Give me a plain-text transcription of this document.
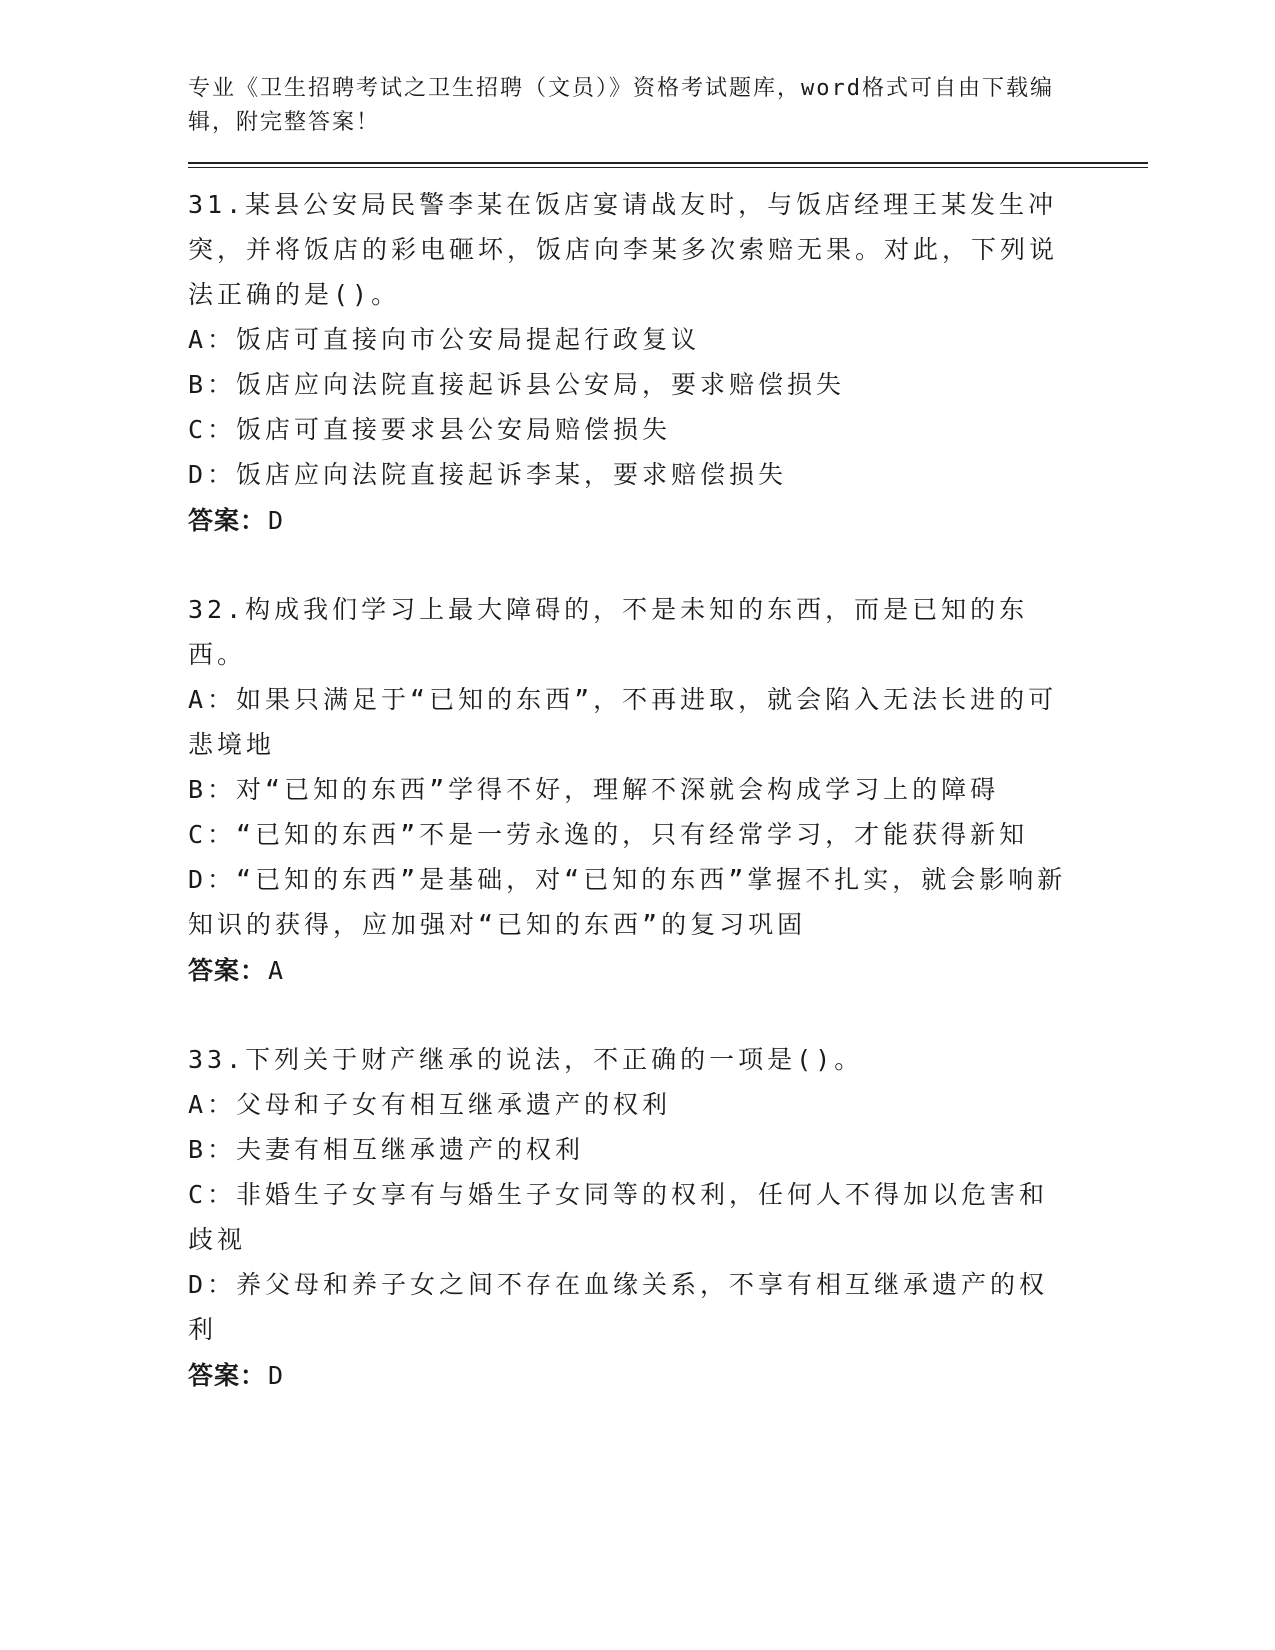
专业《卫生招聘考试之卫生招聘（文员）》资格考试题库，word格式可自由下载编辑，附完整答案！

31.某县公安局民警李某在饭店宴请战友时，与饭店经理王某发生冲突，并将饭店的彩电砸坏，饭店向李某多次索赔无果。对此，下列说法正确的是()。

A：饭店可直接向市公安局提起行政复议

B：饭店应向法院直接起诉县公安局，要求赔偿损失

C：饭店可直接要求县公安局赔偿损失

D：饭店应向法院直接起诉李某，要求赔偿损失

答案：D

32.构成我们学习上最大障碍的，不是未知的东西，而是已知的东西。

A：如果只满足于“已知的东西”，不再进取，就会陷入无法长进的可悲境地

B：对“已知的东西”学得不好，理解不深就会构成学习上的障碍

C：“已知的东西”不是一劳永逸的，只有经常学习，才能获得新知

D：“已知的东西”是基础，对“已知的东西”掌握不扎实，就会影响新知识的获得，应加强对“已知的东西”的复习巩固

答案：A

33.下列关于财产继承的说法，不正确的一项是()。

A：父母和子女有相互继承遗产的权利

B：夫妻有相互继承遗产的权利

C：非婚生子女享有与婚生子女同等的权利，任何人不得加以危害和歧视

D：养父母和养子女之间不存在血缘关系，不享有相互继承遗产的权利

答案：D
